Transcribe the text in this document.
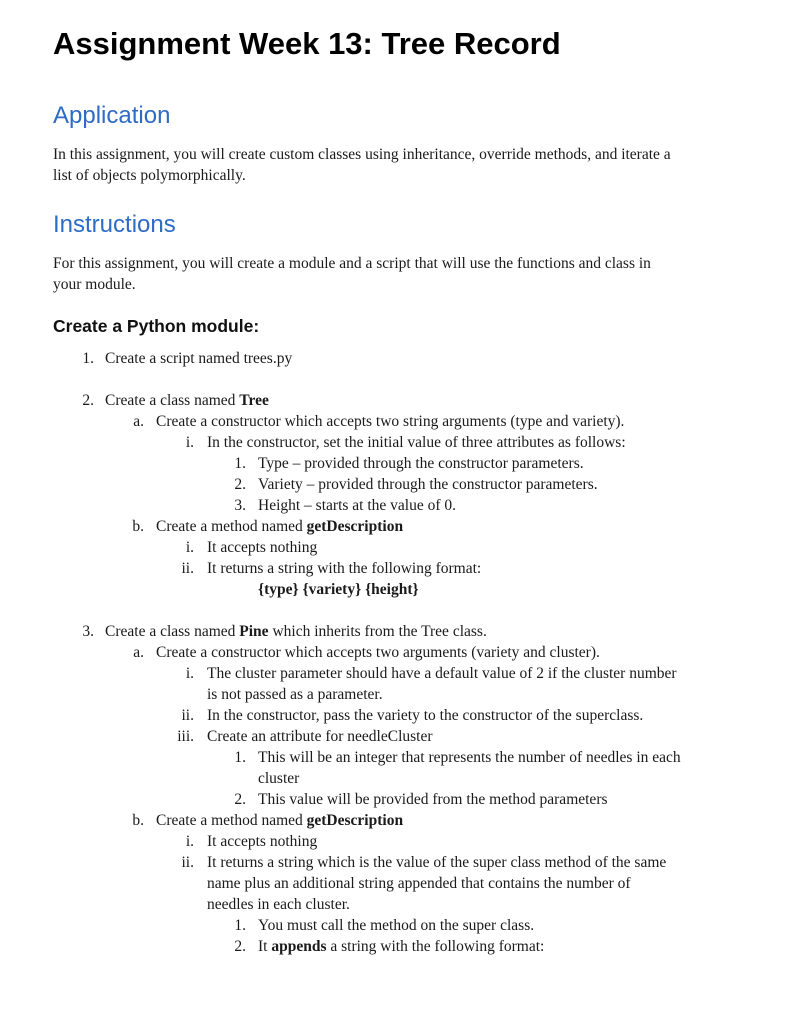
Assignment Week 13: Tree Record
Application
In this assignment, you will create custom classes using inheritance, override methods, and iterate a
list of objects polymorphically.
Instructions
For this assignment, you will create a module and a script that will use the functions and class in
your module.
Create a Python module:
1. Create a script named trees.py
2. Create a class named Tree
a. Create a constructor which accepts two string arguments (type and variety).
i. In the constructor, set the initial value of three attributes as follows:
1. Type – provided through the constructor parameters.
2. Variety – provided through the constructor parameters.
3. Height – starts at the value of 0.
b. Create a method named getDescription
i. It accepts nothing
ii. It returns a string with the following format:
{type} {variety} {height}
3. Create a class named Pine which inherits from the Tree class.
a. Create a constructor which accepts two arguments (variety and cluster).
i. The cluster parameter should have a default value of 2 if the cluster number
is not passed as a parameter.
ii. In the constructor, pass the variety to the constructor of the superclass.
iii. Create an attribute for needleCluster
1. This will be an integer that represents the number of needles in each
cluster
2. This value will be provided from the method parameters
b. Create a method named getDescription
i. It accepts nothing
ii. It returns a string which is the value of the super class method of the same
name plus an additional string appended that contains the number of
needles in each cluster.
1. You must call the method on the super class.
2. It appends a string with the following format:
